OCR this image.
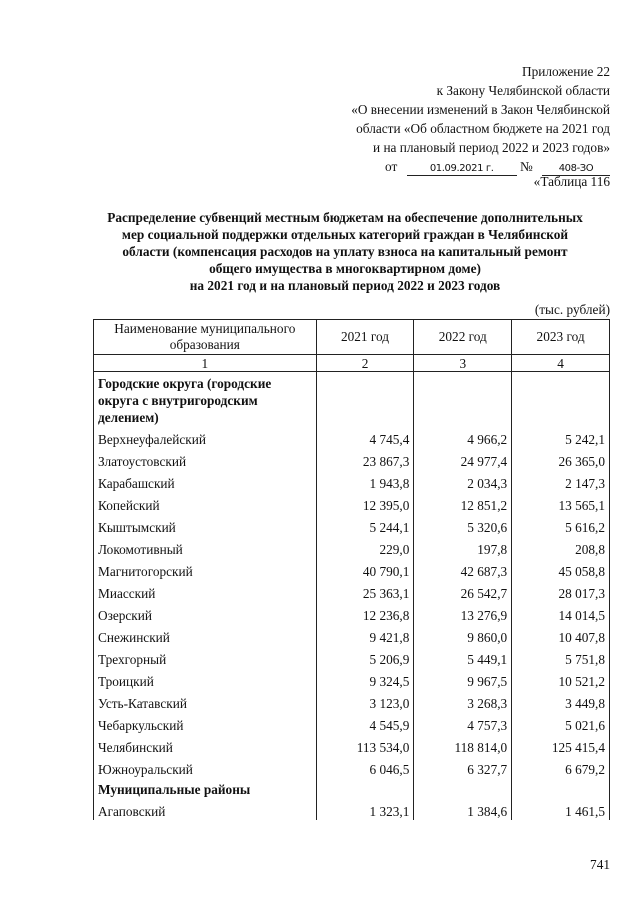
Приложение 22
к Закону Челябинской области
«О внесении изменений в Закон Челябинской
области «Об областном бюджете на 2021 год
и на плановый период 2022 и 2023 годов»
от	01.09.2021 г. №	408-ЗО
«Таблица 116
Распределение субвенций местным бюджетам на обеспечение дополнительных
мер социальной поддержки отдельных категорий граждан в Челябинской
области (компенсация расходов на уплату взноса на капитальный ремонт
общего имущества в многоквартирном доме)
на 2021 год и на плановый период 2022 и 2023 годов
(тыс. рублей)
Наименование муниципального образования	2021 год	2022 год	2023 год
1	2	3	4
Городские округа (городские округа с внутригородским делением)			
Верхнеуфалейский	4 745,4	4 966,2	5 242,1
Златоустовский	23 867,3	24 977,4	26 365,0
Карабашский	1 943,8	2 034,3	2 147,3
Копейский	12 395,0	12 851,2	13 565,1
Кыштымский	5 244,1	5 320,6	5 616,2
Локомотивный	229,0	197,8	208,8
Магнитогорский	40 790,1	42 687,3	45 058,8
Миасский	25 363,1	26 542,7	28 017,3
Озерский	12 236,8	13 276,9	14 014,5
Снежинский	9 421,8	9 860,0	10 407,8
Трехгорный	5 206,9	5 449,1	5 751,8
Троицкий	9 324,5	9 967,5	10 521,2
Усть-Катавский	3 123,0	3 268,3	3 449,8
Чебаркульский	4 545,9	4 757,3	5 021,6
Челябинский	113 534,0	118 814,0	125 415,4
Южноуральский	6 046,5	6 327,7	6 679,2
Муниципальные районы			
Агаповский	1 323,1	1 384,6	1 461,5
741
